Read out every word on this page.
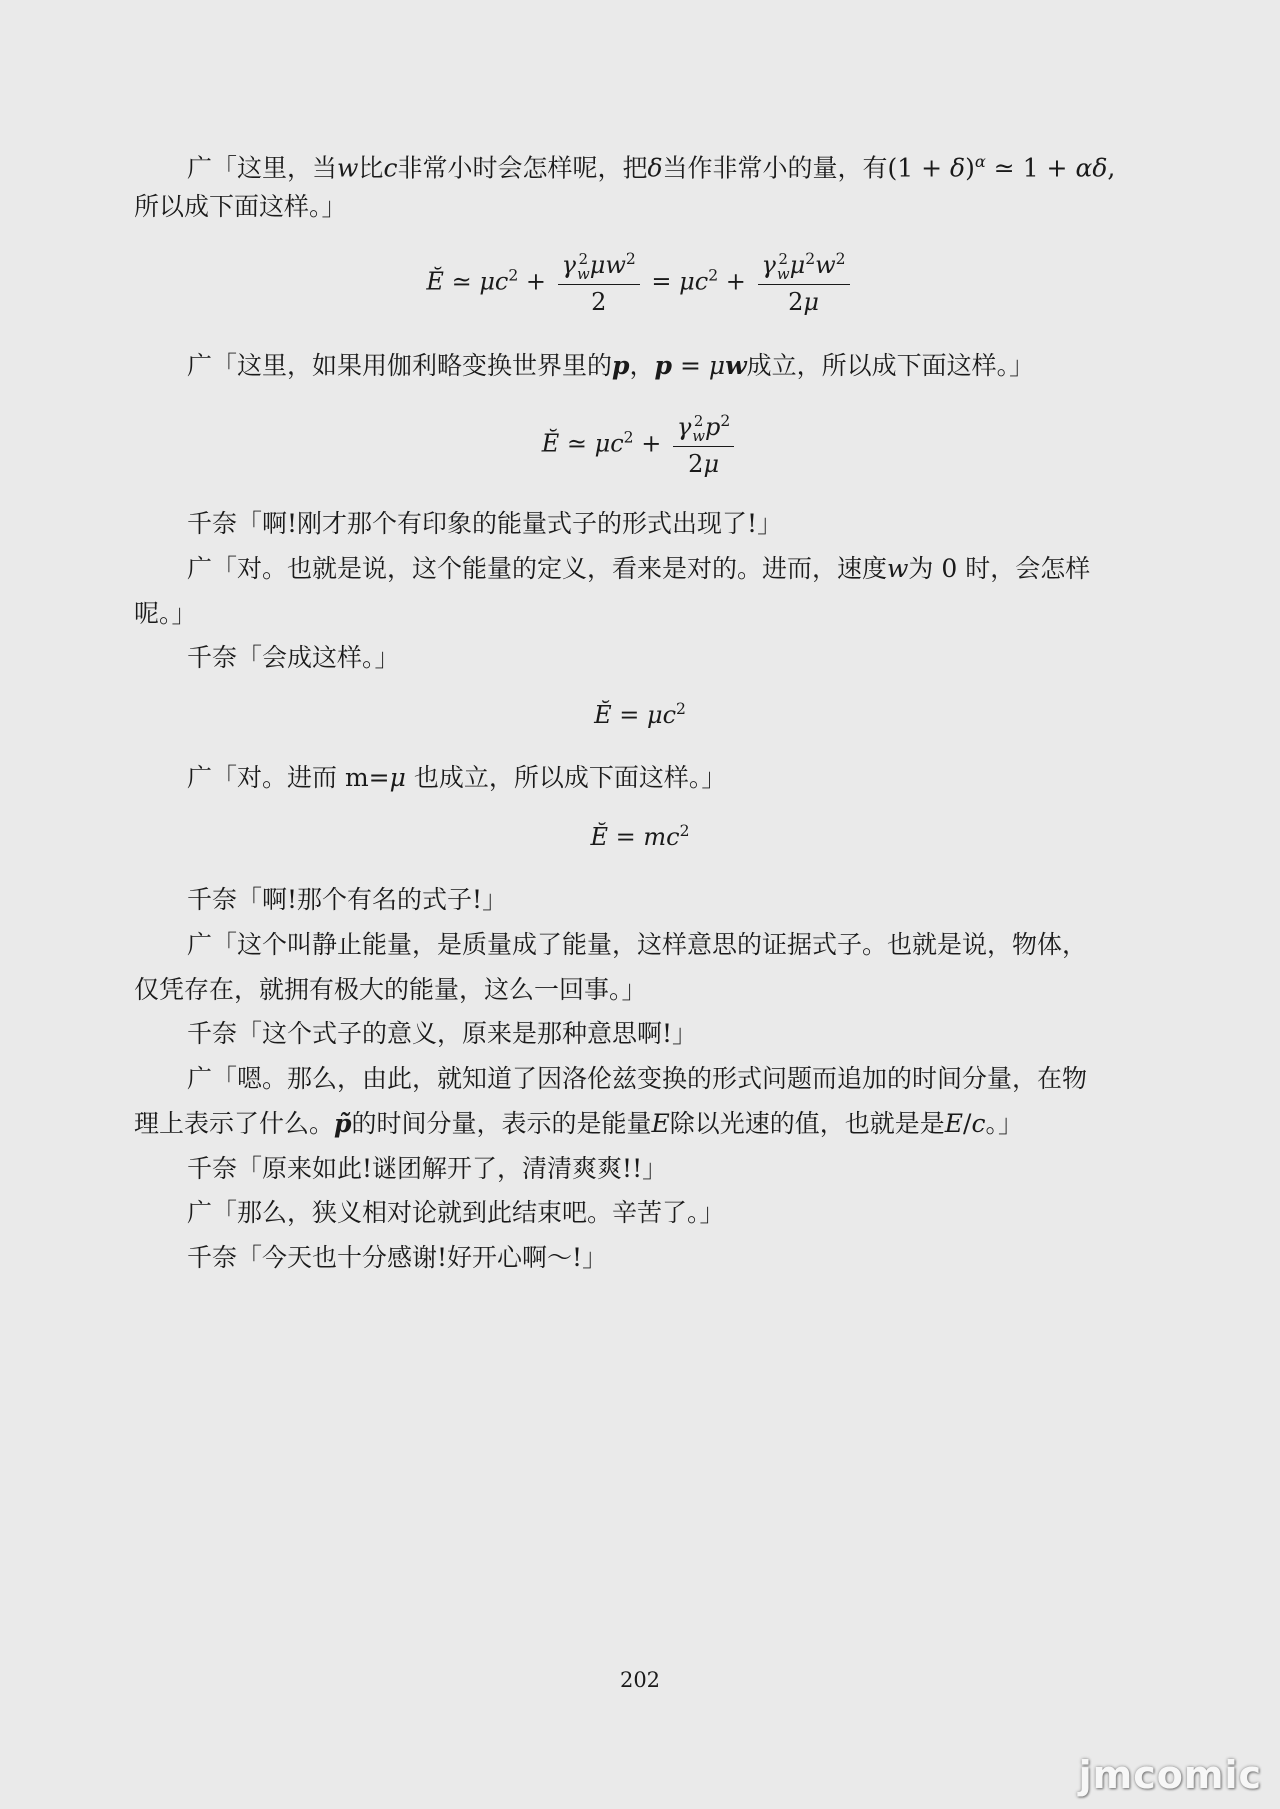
广「这里，当w比c非常小时会怎样呢，把δ当作非常小的量，有$(1 + \delta)^\alpha$ ≃ 1 + αδ,
所以成下面这样。」
Ĕ ≃ $\mu c^2 + \gamma$ 2
w $\mu w^2$
$2 = \mu c^2 + \gamma$ 2
w $\mu^2w^2$
2μ
广「这里，如果用伽利略变换世界里的p，p = μw成立，所以成下面这样。」
Ĕ ≃ $\mu c^2 + \gamma$ 2
w $p^2$
2μ
千奈「啊!刚才那个有印象的能量式子的形式出现了!」
广「对。也就是说，这个能量的定义，看来是对的。进而，速度w为 0 时，会怎样
呢。」
千奈「会成这样。」
Ĕ = $\mu c^2$
广「对。进而 m=μ 也成立，所以成下面这样。」
Ĕ = $mc^2$
千奈「啊!那个有名的式子!」
广「这个叫静止能量，是质量成了能量，这样意思的证据式子。也就是说，物体，
仅凭存在，就拥有极大的能量，这么一回事。」
千奈「这个式子的意义，原来是那种意思啊!」
广「嗯。那么，由此，就知道了因洛伦兹变换的形式问题而追加的时间分量，在物
理上表示了什么。p̃的时间分量，表示的是能量E除以光速的值，也就是是E/c。」
千奈「原来如此!谜团解开了，清清爽爽!!」
广「那么，狭义相对论就到此结束吧。辛苦了。」
千奈「今天也十分感谢!好开心啊～!」
202
jmcomic
